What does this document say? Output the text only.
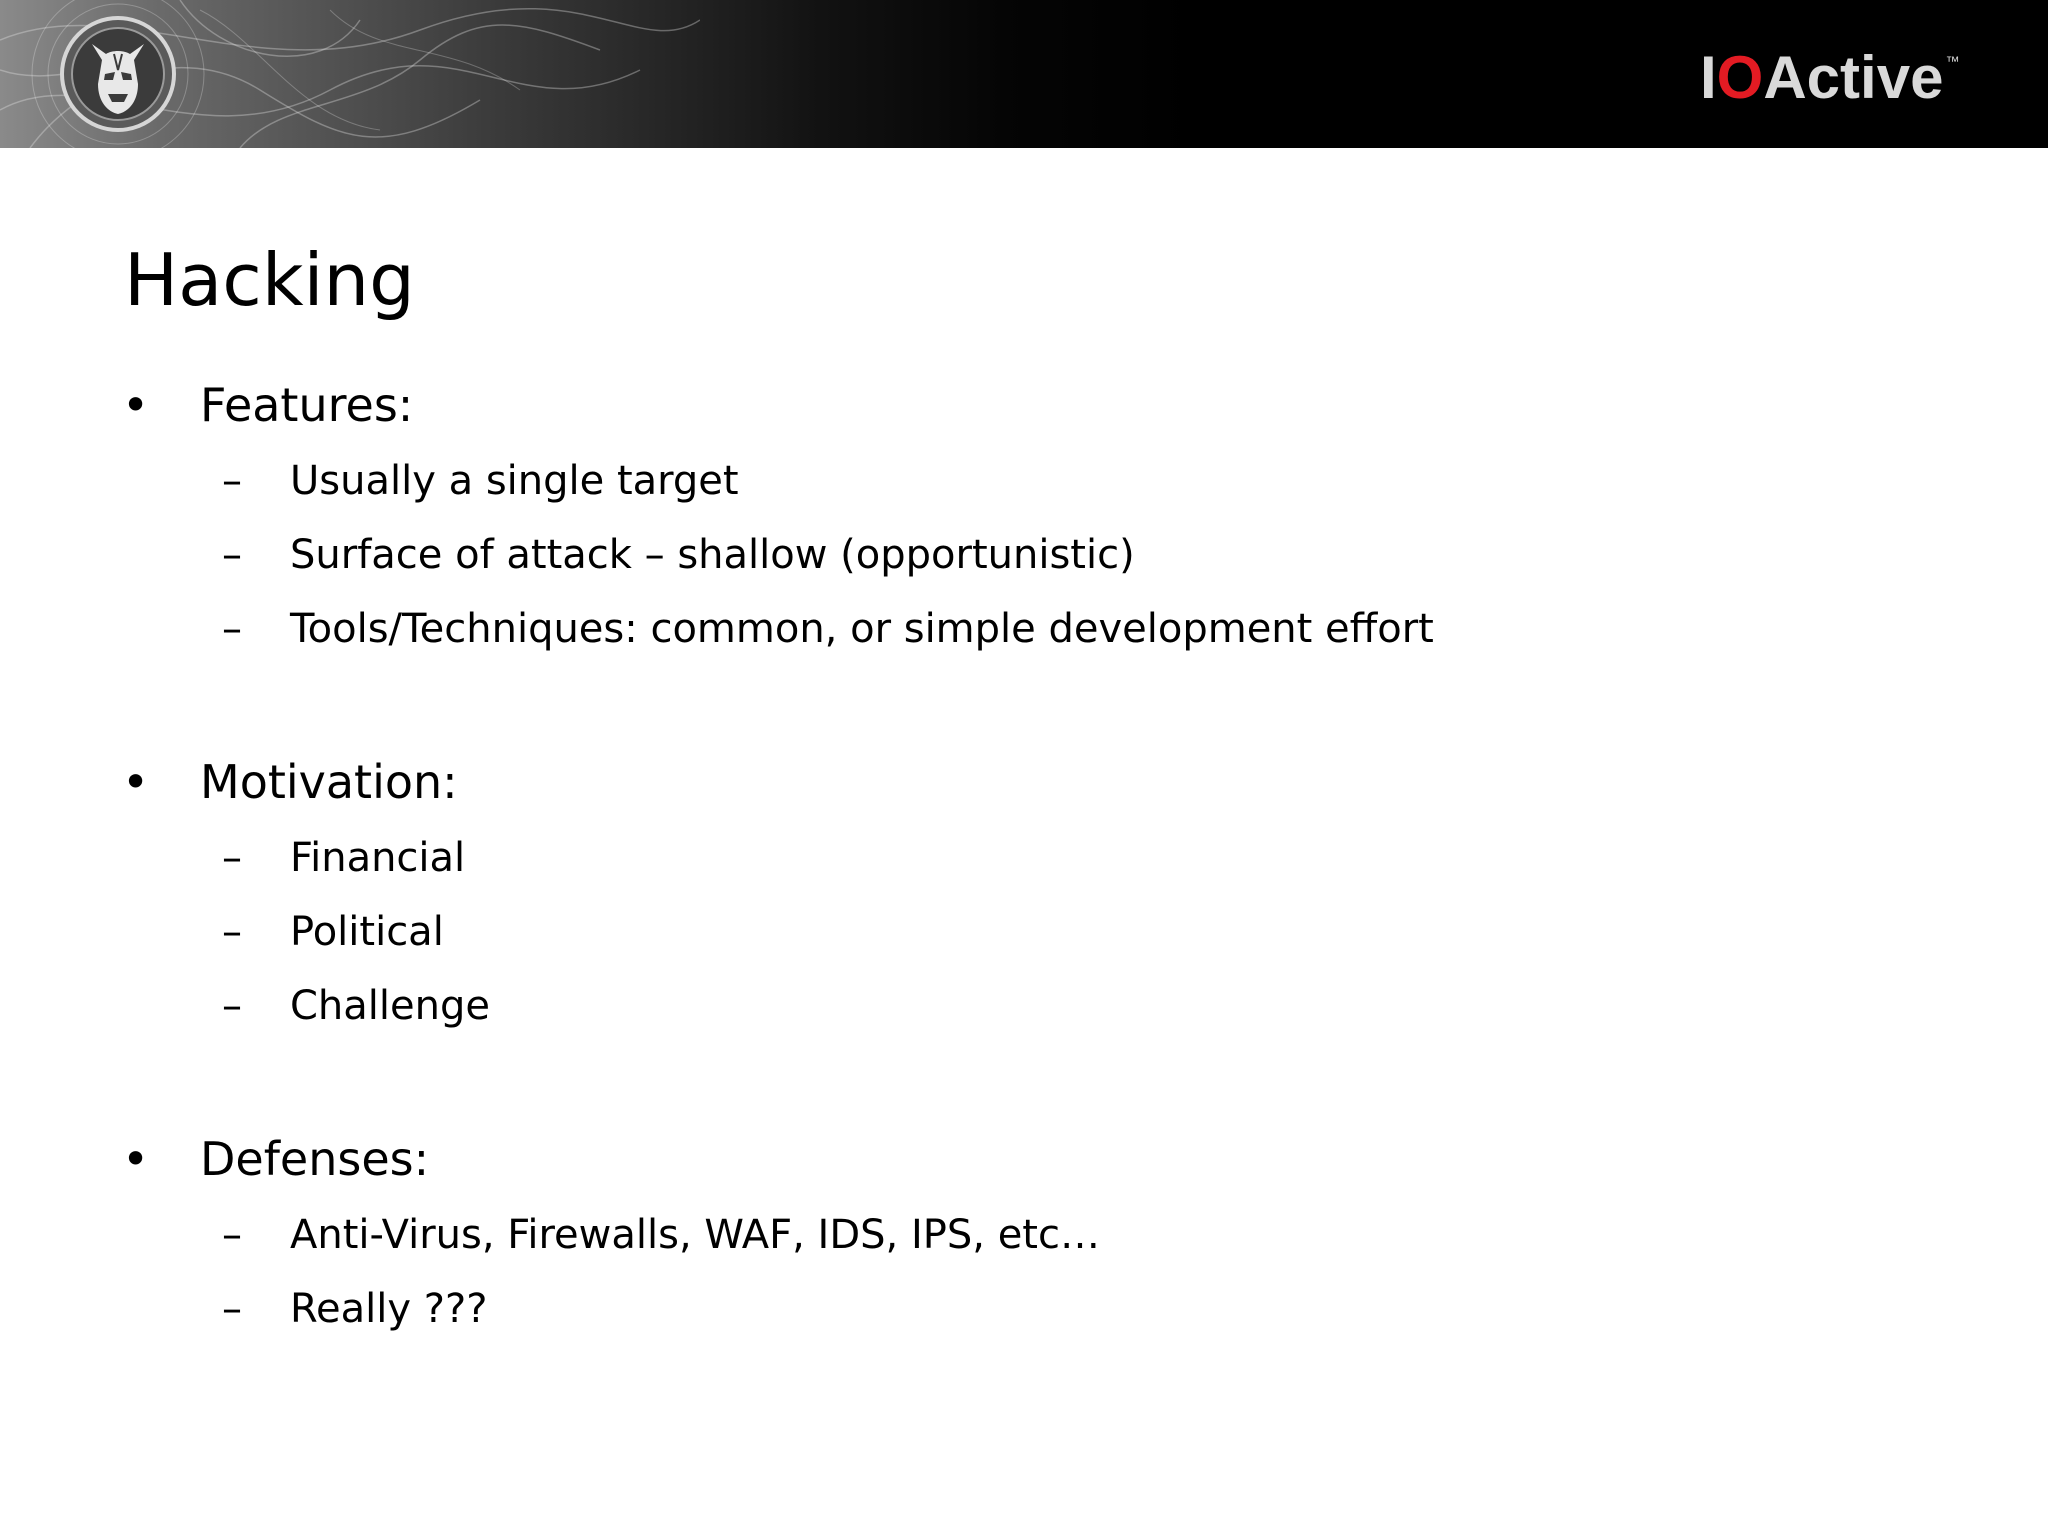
I O Active ™
Hacking
• Features:
– Usually a single target
– Surface of attack – shallow (opportunistic)
– Tools/Techniques: common, or simple development effort
• Motivation:
– Financial
– Political
– Challenge
• Defenses:
– Anti-Virus, Firewalls, WAF, IDS, IPS, etc…
– Really ???
